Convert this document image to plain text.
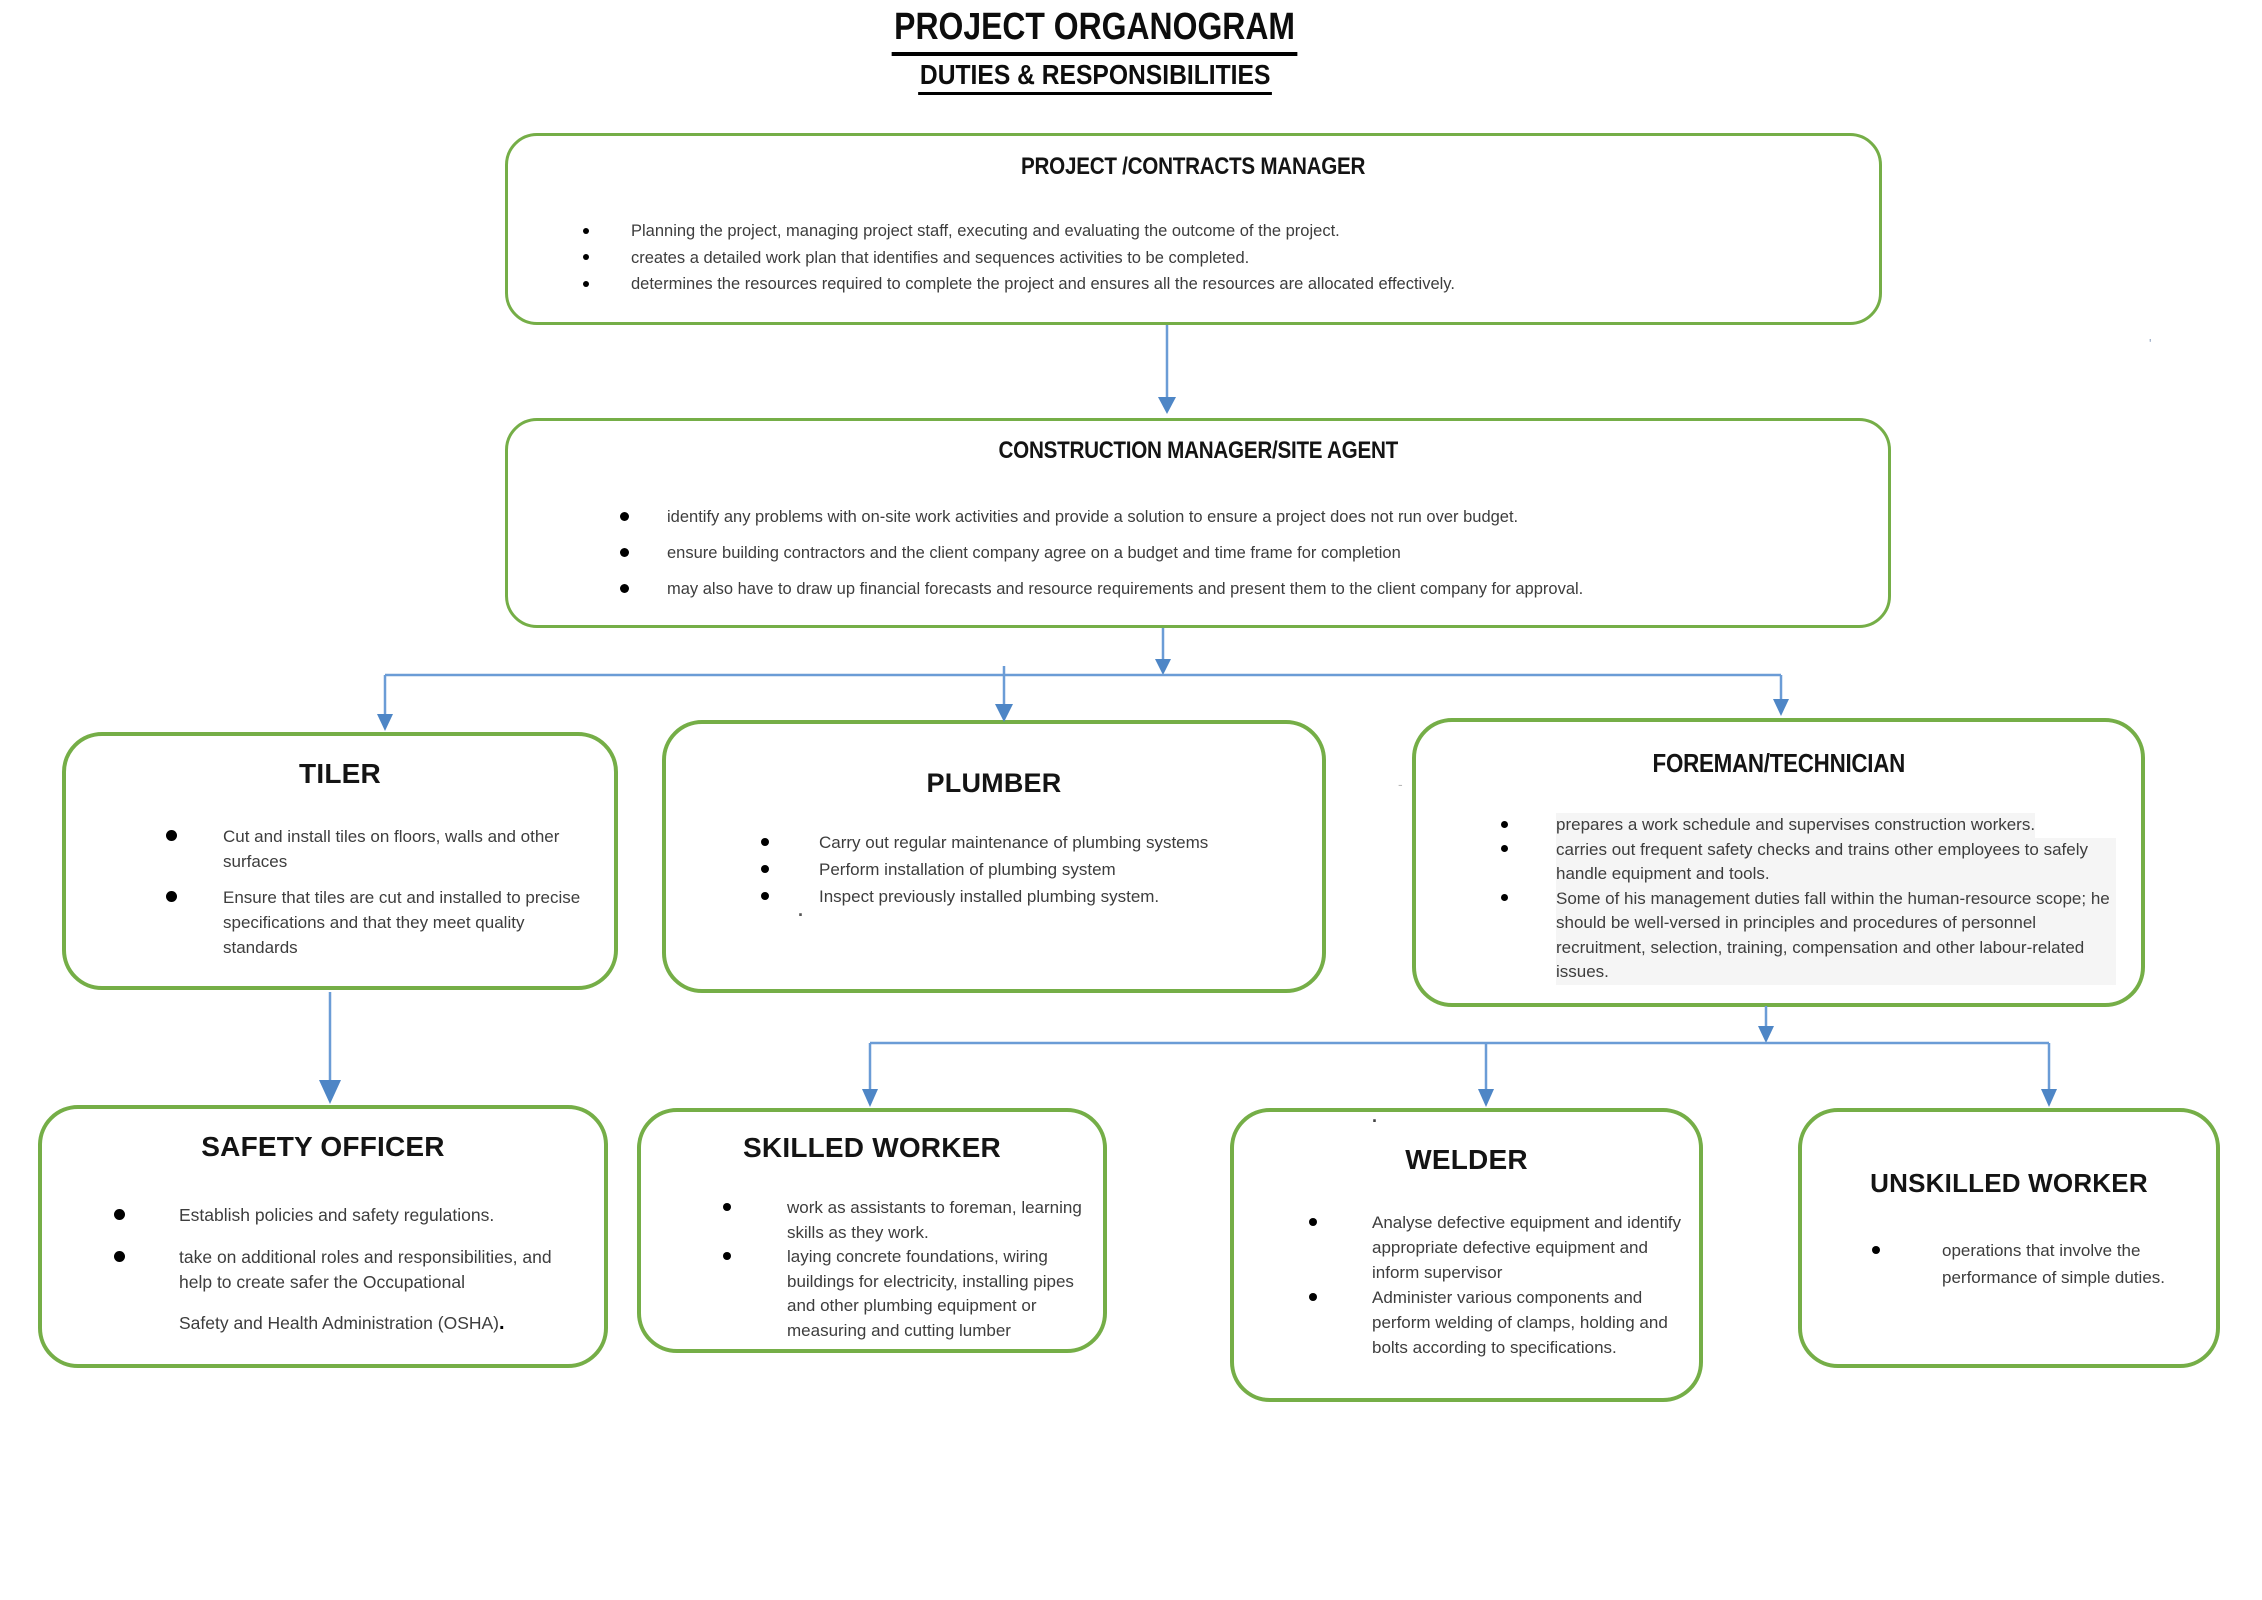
PROJECT ORGANOGRAM
DUTIES & RESPONSIBILITIES
PROJECT /CONTRACTS MANAGER
Planning the project, managing project staff, executing and evaluating the outcome of the project.
creates a detailed work plan that identifies and sequences activities to be completed.
determines the resources required to complete the project and ensures all the resources are allocated effectively.
CONSTRUCTION MANAGER/SITE AGENT
identify any problems with on-site work activities and provide a solution to ensure a project does not run over budget.
ensure building contractors and the client company agree on a budget and time frame for completion
may also have to draw up financial forecasts and resource requirements and present them to the client company for approval.
TILER
Cut and install tiles on floors, walls and other surfaces
Ensure that tiles are cut and installed to precise specifications and that they meet quality standards
PLUMBER
Carry out regular maintenance of plumbing systems
Perform installation of plumbing system
Inspect previously installed plumbing system.
FOREMAN/TECHNICIAN
prepares a work schedule and supervises construction workers.
carries out frequent safety checks and trains other employees to safely handle equipment and tools.
Some of his management duties fall within the human-resource scope; he should be well-versed in principles and procedures of personnel recruitment, selection, training, compensation and other labour-related issues.
SAFETY OFFICER
Establish policies and safety regulations.
take on additional roles and responsibilities, and help to create safer the Occupational
Safety and Health Administration (OSHA).
SKILLED WORKER
work as assistants to foreman, learning skills as they work.
laying concrete foundations, wiring buildings for electricity, installing pipes and other plumbing equipment or measuring and cutting lumber
WELDER
Analyse defective equipment and identify appropriate defective equipment and inform supervisor
Administer various components and perform welding of clamps, holding and bolts according to specifications.
UNSKILLED WORKER
operations that involve the performance of simple duties.
.
.
'
-
